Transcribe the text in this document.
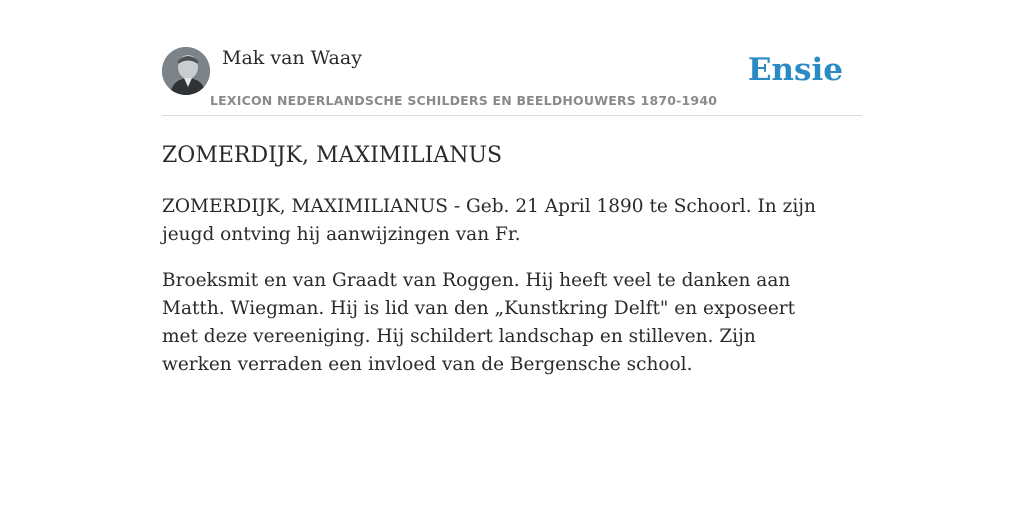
Mak van Waay
LEXICON NEDERLANDSCHE SCHILDERS EN BEELDHOUWERS 1870-1940
Ensie
ZOMERDIJK, MAXIMILIANUS

ZOMERDIJK, MAXIMILIANUS - Geb. 21 April 1890 te Schoorl. In zijn jeugd ontving hij aanwijzingen van Fr.

Broeksmit en van Graadt van Roggen. Hij heeft veel te danken aan Matth. Wiegman. Hij is lid van den „Kunstkring Delft" en exposeert met deze vereeniging. Hij schildert landschap en stilleven. Zijn werken verraden een invloed van de Bergensche school.
